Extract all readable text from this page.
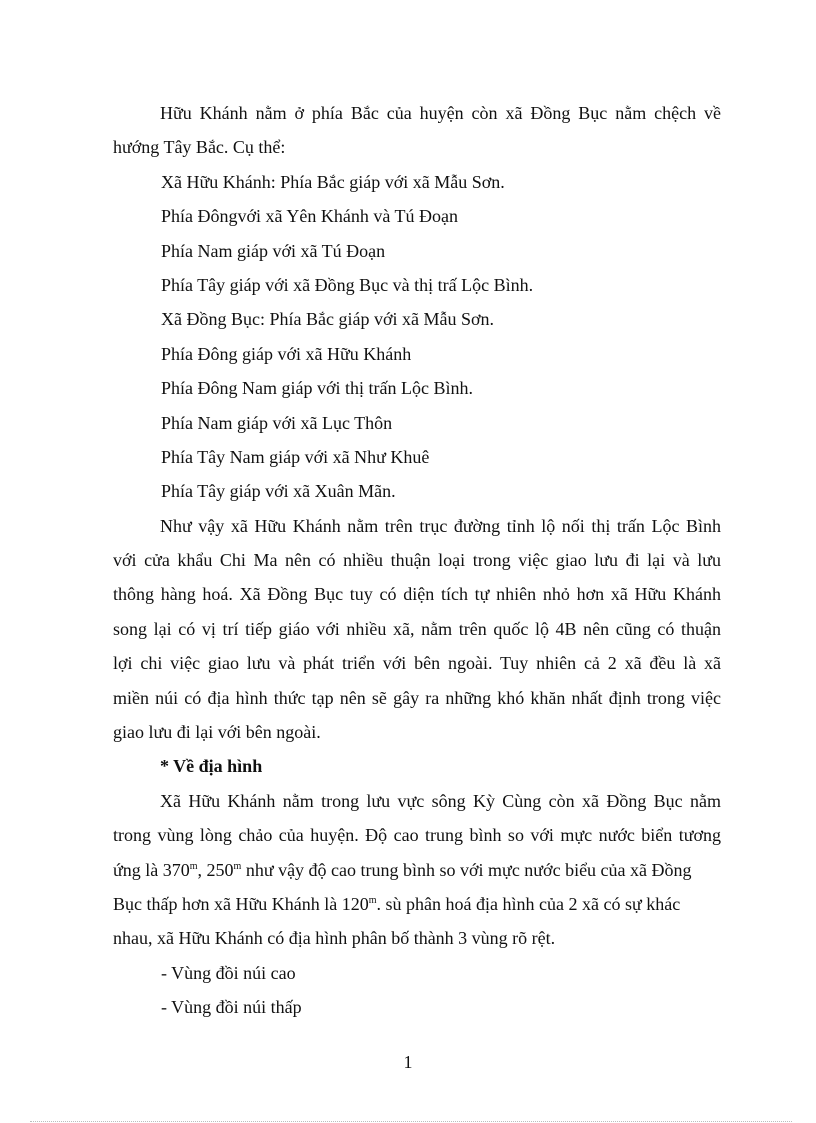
Hữu Khánh nằm ở phía Bắc của huyện còn xã Đồng Bục nằm chệch về
hướng Tây Bắc. Cụ thể:
Xã Hữu Khánh: Phía Bắc giáp với xã Mẫu Sơn.
Phía Đôngvới xã Yên Khánh và Tú Đoạn
Phía Nam giáp với xã Tú Đoạn
Phía Tây giáp với xã Đồng Bục và thị trấ Lộc Bình.
Xã Đồng Bục: Phía Bắc giáp với xã Mẫu Sơn.
Phía Đông giáp với xã Hữu Khánh
Phía Đông Nam giáp với thị trấn Lộc Bình.
Phía Nam giáp với xã Lục Thôn
Phía Tây Nam giáp với xã Như Khuê
Phía Tây giáp với xã Xuân Mãn.
Như vậy xã Hữu Khánh nằm trên trục đường tỉnh lộ nối thị trấn Lộc Bình
với cửa khẩu Chi Ma nên có nhiều thuận loại trong việc giao lưu đi lại và lưu
thông hàng hoá. Xã Đồng Bục tuy có diện tích tự nhiên nhỏ hơn xã Hữu Khánh
song lại có vị trí tiếp giáo với nhiều xã, nằm trên quốc lộ 4B nên cũng có thuận
lợi chi việc giao lưu và phát triển với bên ngoài. Tuy nhiên cả 2 xã đều là xã
miền núi có địa hình thức tạp nên sẽ gây ra những khó khăn nhất định trong việc
giao lưu đi lại với bên ngoài.
* Về địa hình
Xã Hữu Khánh nằm trong lưu vực sông Kỳ Cùng còn xã Đồng Bục nằm
trong vùng lòng chảo của huyện. Độ cao trung bình so với mực nước biển tương
ứng là 370$^m$, 250$^m$ như vậy độ cao trung bình so với mực nước biểu của xã Đồng
Bục thấp hơn xã Hữu Khánh là 120$^m$. sù phân hoá địa hình của 2 xã có sự khác
nhau, xã Hữu Khánh có địa hình phân bố thành 3 vùng rõ rệt.
- Vùng đồi núi cao
- Vùng đồi núi thấp
1
